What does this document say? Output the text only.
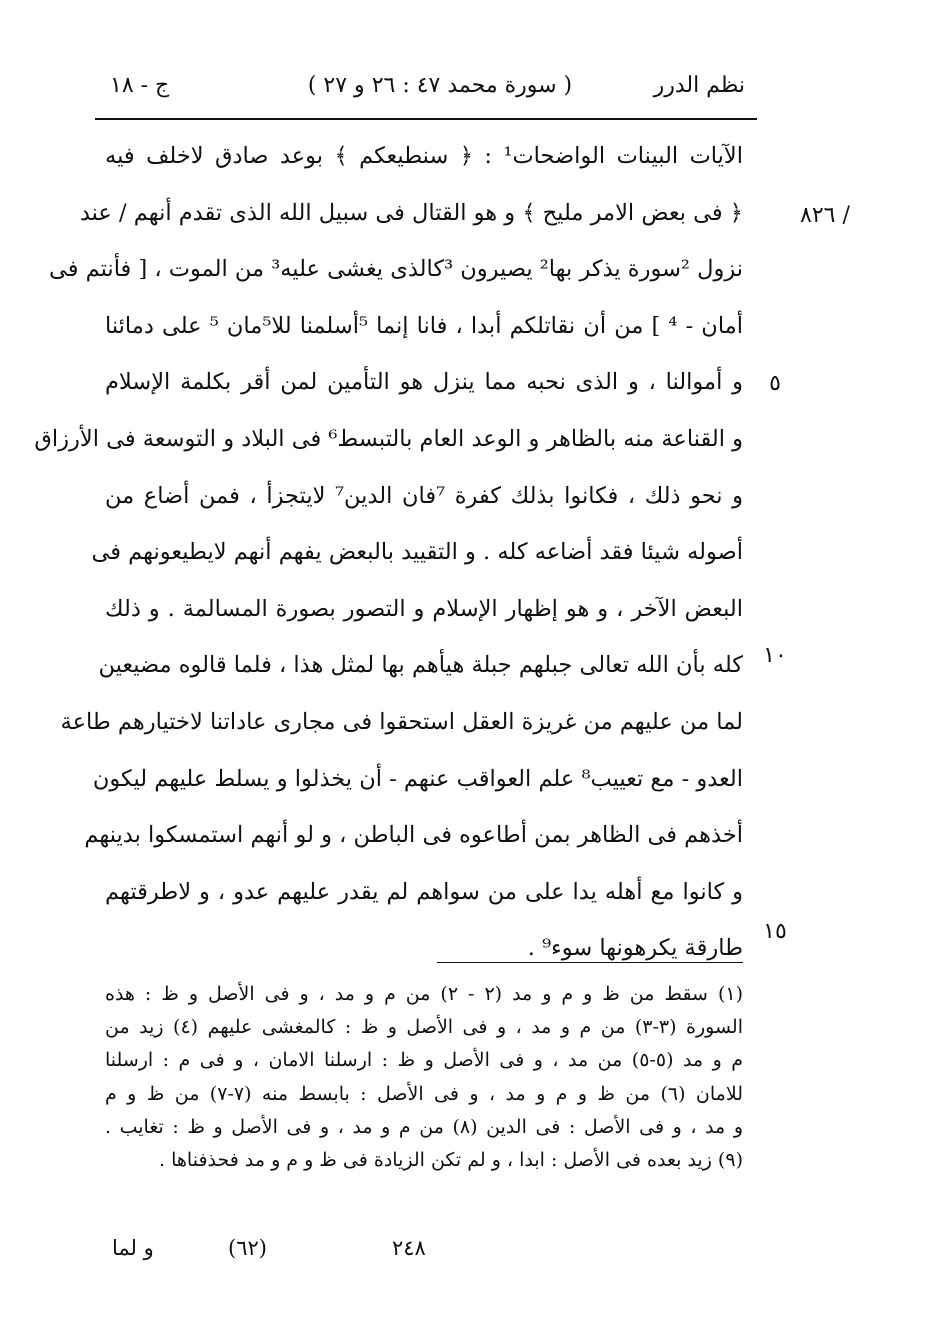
نظم الدرر
( سورة محمد ٤٧ : ٢٦ و ٢٧ )
ج - ١٨
٨٢٦ /
٥
١٠
١٥
الآيات البينات الواضحات¹ : ﴿ سنطيعكم ﴾ بوعد صادق لاخلف فيه
﴿ فى بعض الامر مليح ﴾ و هو القتال فى سبيل الله الذى تقدم أنهم / عند
نزول ²سورة يذكر بها² يصيرون ³كالذى يغشى عليه³ من الموت ، [ فأنتم فى
أمان - ⁴ ] من أن نقاتلكم أبدا ، فانا إنما ⁵أسلمنا للا⁵مان ⁵ على دمائنا
و أموالنا ، و الذى نحبه مما ينزل هو التأمين لمن أقر بكلمة الإسلام
و القناعة منه بالظاهر و الوعد العام بالتبسط⁶ فى البلاد و التوسعة فى الأرزاق
و نحو ذلك ، فكانوا بذلك كفرة ⁷فان الدين⁷ لايتجزأ ، فمن أضاع من
أصوله شيئا فقد أضاعه كله . و التقييد بالبعض يفهم أنهم لايطيعونهم فى
البعض الآخر ، و هو إظهار الإسلام و التصور بصورة المسالمة . و ذلك
كله بأن الله تعالى جبلهم جبلة هيأهم بها لمثل هذا ، فلما قالوه مضيعين
لما من عليهم من غريزة العقل استحقوا فى مجارى عاداتنا لاختيارهم طاعة
العدو - مع تعييب⁸ علم العواقب عنهم - أن يخذلوا و يسلط عليهم ليكون
أخذهم فى الظاهر بمن أطاعوه فى الباطن ، و لو أنهم استمسكوا بدينهم
و كانوا مع أهله يدا على من سواهم لم يقدر عليهم عدو ، و لاطرقتهم
طارقة يكرهونها سوء⁹ .
(١) سقط من ظ و م و مد (٢ - ٢) من م و مد ، و فى الأصل و ظ : هذه
السورة (٣-٣) من م و مد ، و فى الأصل و ظ : كالمغشى عليهم (٤) زيد من
م و مد (٥-٥) من مد ، و فى الأصل و ظ : ارسلنا الامان ، و فى م : ارسلنا
للامان (٦) من ظ و م و مد ، و فى الأصل : بابسط منه (٧-٧) من ظ و م
و مد ، و فى الأصل : فى الدين (٨) من م و مد ، و فى الأصل و ظ : تغايب .
(٩) زيد بعده فى الأصل : ابدا ، و لم تكن الزيادة فى ظ و م و مد فحذفناها .
٢٤٨
(٦٢)
و لما
